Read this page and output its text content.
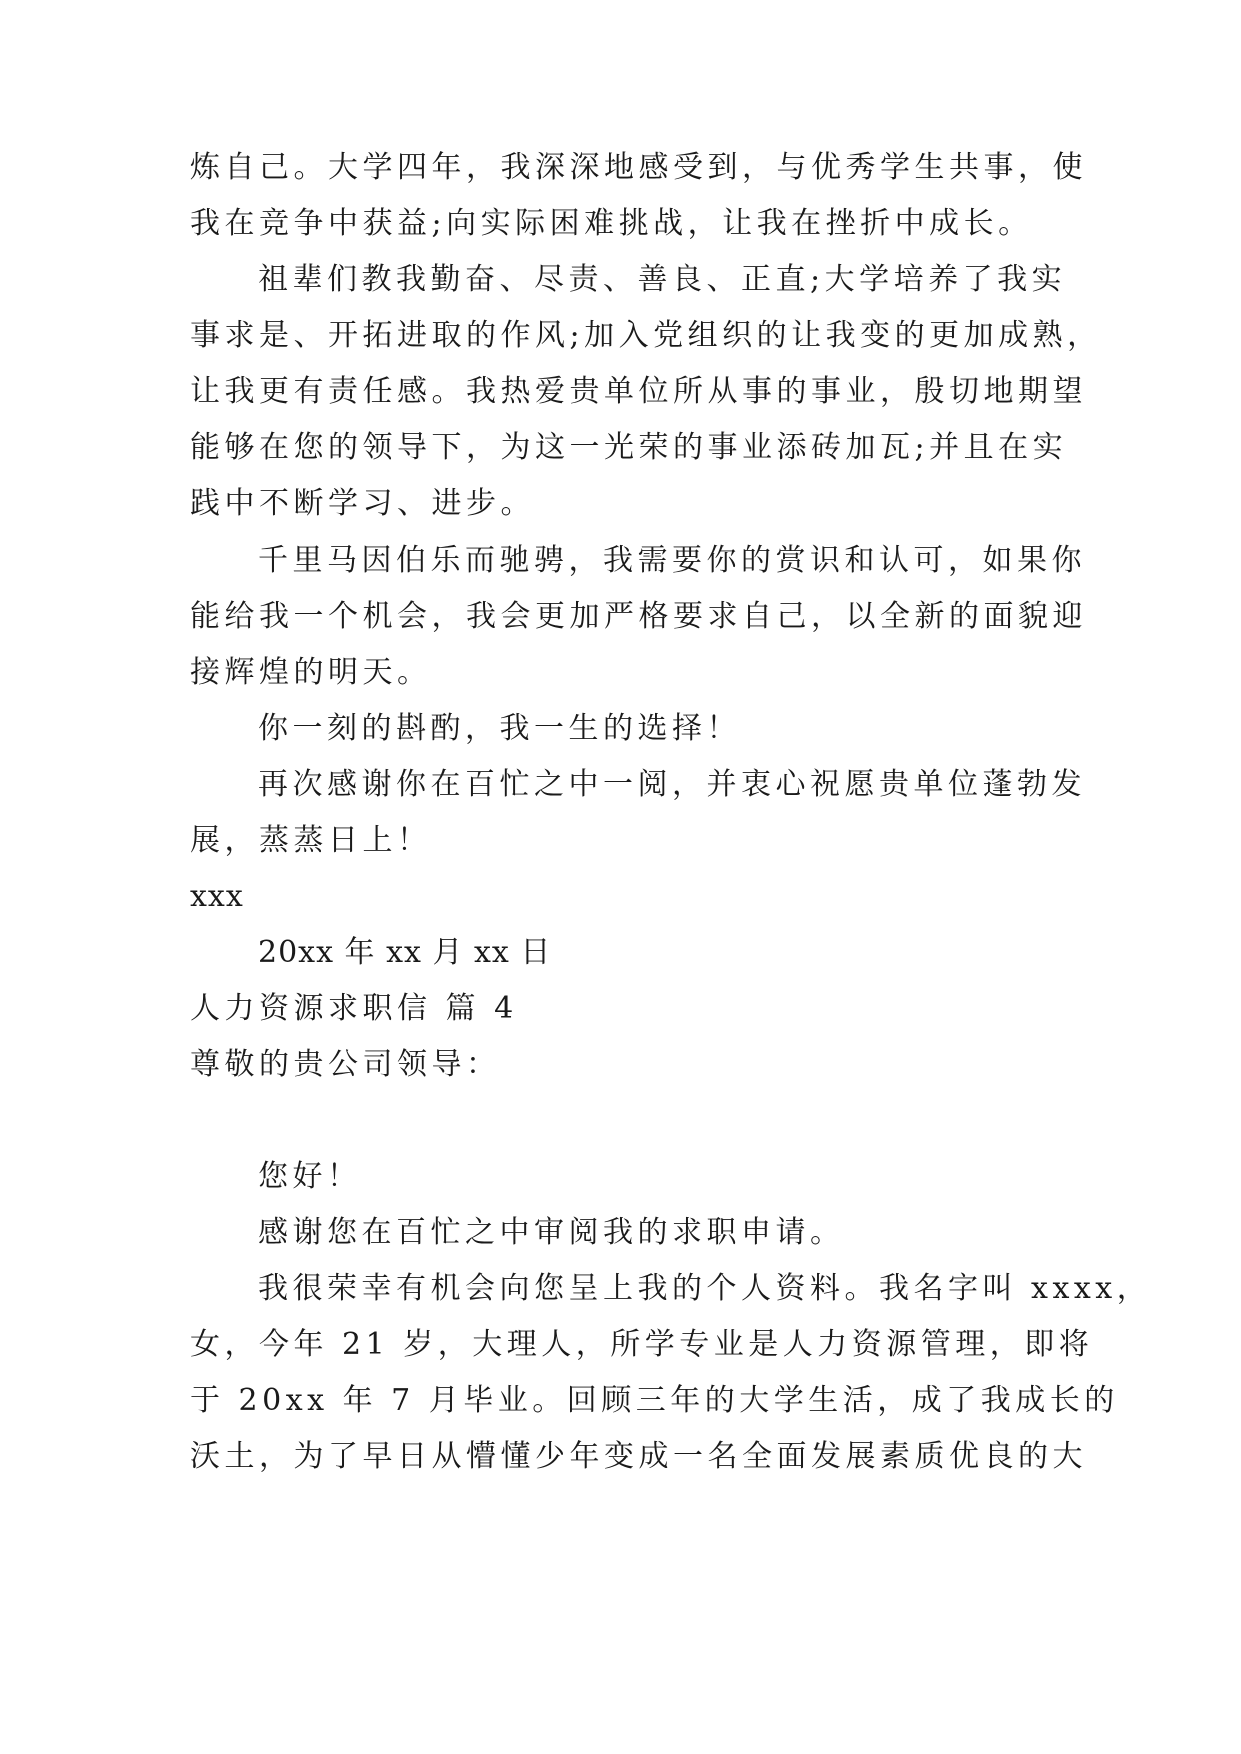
炼自己。大学四年，我深深地感受到，与优秀学生共事，使
我在竞争中获益;向实际困难挑战，让我在挫折中成长。
祖辈们教我勤奋、尽责、善良、正直;大学培养了我实
事求是、开拓进取的作风;加入党组织的让我变的更加成熟，
让我更有责任感。我热爱贵单位所从事的事业，殷切地期望
能够在您的领导下，为这一光荣的事业添砖加瓦;并且在实
践中不断学习、进步。
千里马因伯乐而驰骋，我需要你的赏识和认可，如果你
能给我一个机会，我会更加严格要求自己，以全新的面貌迎
接辉煌的明天。
你一刻的斟酌，我一生的选择！
再次感谢你在百忙之中一阅，并衷心祝愿贵单位蓬勃发
展，蒸蒸日上！
xxx
20xx 年 xx 月 xx 日
人力资源求职信 篇 4
尊敬的贵公司领导：
您好！
感谢您在百忙之中审阅我的求职申请。
我很荣幸有机会向您呈上我的个人资料。我名字叫 xxxx，
女，今年 21 岁，大理人，所学专业是人力资源管理，即将
于 20xx 年 7 月毕业。回顾三年的大学生活，成了我成长的
沃土，为了早日从懵懂少年变成一名全面发展素质优良的大
